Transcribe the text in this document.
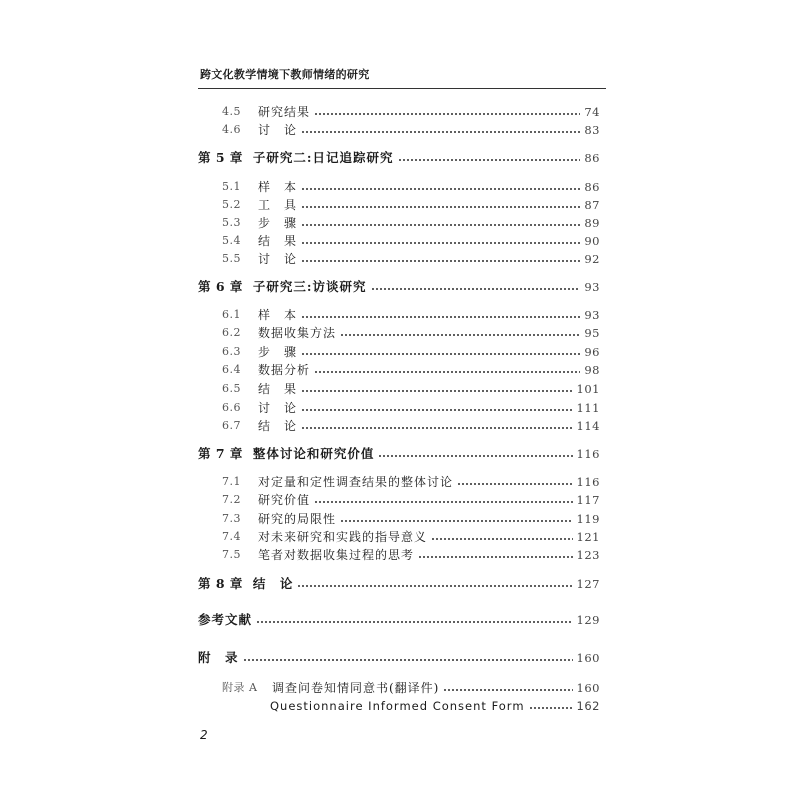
跨文化教学情境下教师情绪的研究
4.5	研究结果	74
4.6	讨　论	83
第 5 章 子研究二:日记追踪研究	86
5.1	样　本	86
5.2	工　具	87
5.3	步　骤	89
5.4	结　果	90
5.5	讨　论	92
第 6 章 子研究三:访谈研究	93
6.1	样　本	93
6.2	数据收集方法	95
6.3	步　骤	96
6.4	数据分析	98
6.5	结　果	101
6.6	讨　论	111
6.7	结　论	114
第 7 章 整体讨论和研究价值	116
7.1	对定量和定性调查结果的整体讨论	116
7.2	研究价值	117
7.3	研究的局限性	119
7.4	对未来研究和实践的指导意义	121
7.5	笔者对数据收集过程的思考	123
第 8 章 结　论	127
参考文献	129
附　录	160
附录 A	调查问卷知情同意书(翻译件)	160
Questionnaire Informed Consent Form	162
2
